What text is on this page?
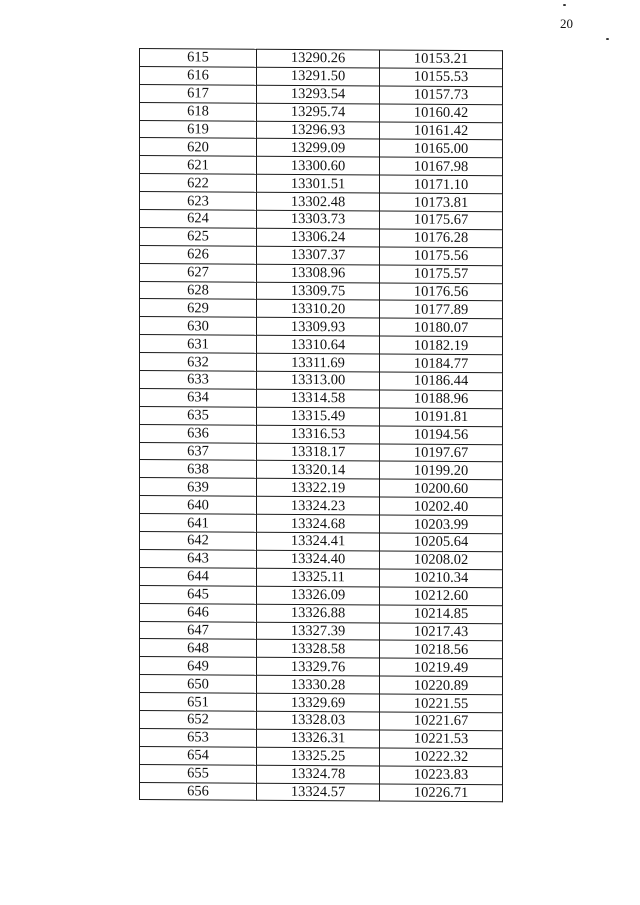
20
615	13290.26	10153.21
616	13291.50	10155.53
617	13293.54	10157.73
618	13295.74	10160.42
619	13296.93	10161.42
620	13299.09	10165.00
621	13300.60	10167.98
622	13301.51	10171.10
623	13302.48	10173.81
624	13303.73	10175.67
625	13306.24	10176.28
626	13307.37	10175.56
627	13308.96	10175.57
628	13309.75	10176.56
629	13310.20	10177.89
630	13309.93	10180.07
631	13310.64	10182.19
632	13311.69	10184.77
633	13313.00	10186.44
634	13314.58	10188.96
635	13315.49	10191.81
636	13316.53	10194.56
637	13318.17	10197.67
638	13320.14	10199.20
639	13322.19	10200.60
640	13324.23	10202.40
641	13324.68	10203.99
642	13324.41	10205.64
643	13324.40	10208.02
644	13325.11	10210.34
645	13326.09	10212.60
646	13326.88	10214.85
647	13327.39	10217.43
648	13328.58	10218.56
649	13329.76	10219.49
650	13330.28	10220.89
651	13329.69	10221.55
652	13328.03	10221.67
653	13326.31	10221.53
654	13325.25	10222.32
655	13324.78	10223.83
656	13324.57	10226.71
